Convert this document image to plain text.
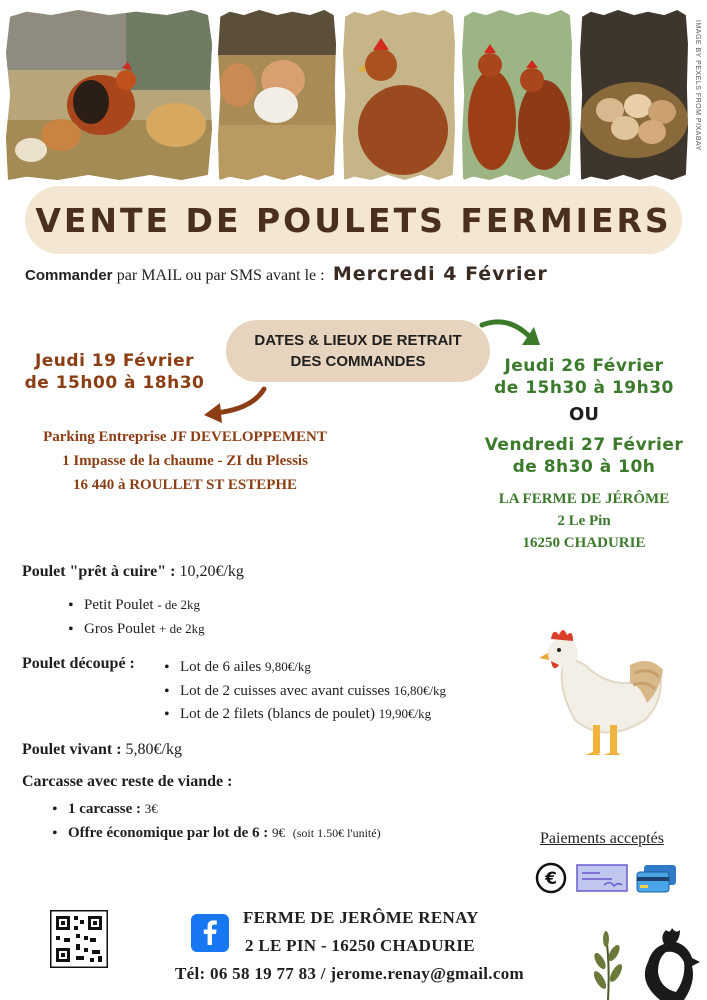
IMAGE BY PEXELS FROM PIXABAY
VENTE DE POULETS FERMIERS
Commander par MAIL ou par SMS avant le : Mercredi 4 Février
DATES & LIEUX DE RETRAIT
DES COMMANDES
Jeudi 19 Février
de 15h00 à 18h30
Parking Entreprise JF DEVELOPPEMENT
1 Impasse de la chaume - ZI du Plessis
16 440 à ROULLET ST ESTEPHE
Jeudi 26 Février
de 15h30 à 19h30
OU
Vendredi 27 Février
de 8h30 à 10h
LA FERME DE JÉRÔME
2 Le Pin
16250 CHADURIE
Poulet "prêt à cuire" : 10,20€/kg
• Petit Poulet - de 2kg
• Gros Poulet + de 2kg
Poulet découpé :
•	Lot de 6 ailes 9,80€/kg
• Lot de 2 cuisses avec avant cuisses 16,80€/kg
• Lot de 2 filets (blancs de poulet) 19,90€/kg
Poulet vivant : 5,80€/kg
Carcasse avec reste de viande :
• 1 carcasse : 3€
• Offre économique par lot de 6 : 9€ (soit 1.50€ l'unité)	Paiements acceptés
€
FERME DE JERÔME RENAY
2 LE PIN - 16250 CHADURIE
Tél: 06 58 19 77 83 / jerome.renay@gmail.com
